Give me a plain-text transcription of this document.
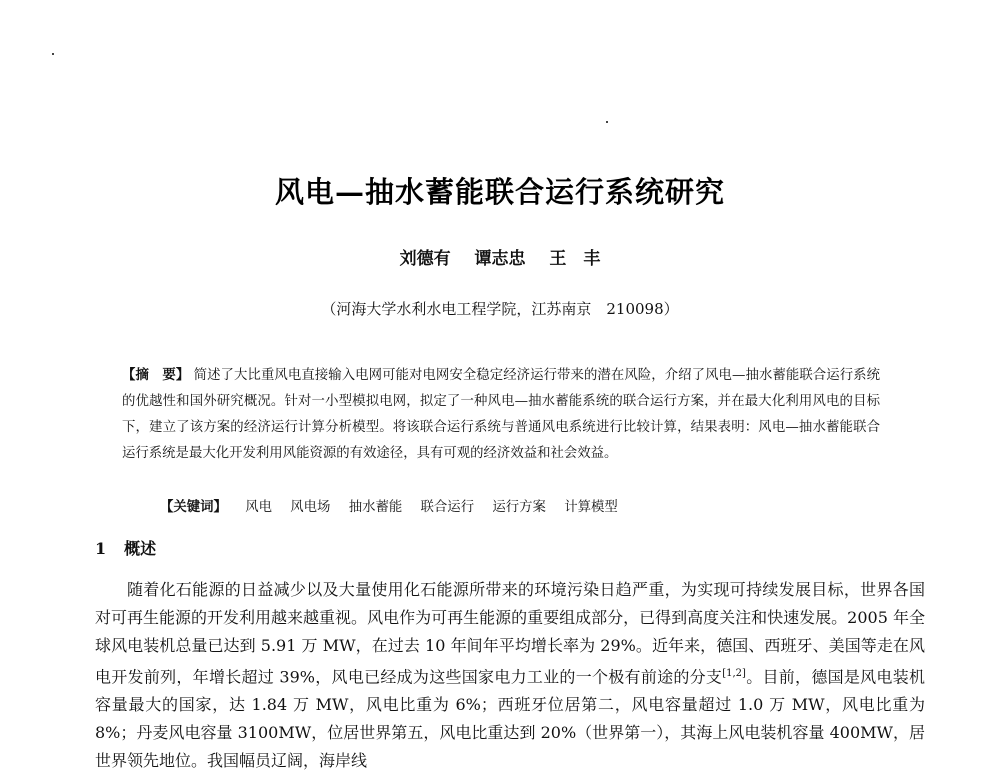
风电—抽水蓄能联合运行系统研究
刘德有 谭志忠 王　丰
（河海大学水利水电工程学院，江苏南京　210098）
【摘　要】 简述了大比重风电直接输入电网可能对电网安全稳定经济运行带来的潜在风险，介绍了风电—抽水蓄能联合运行系统的优越性和国外研究概况。针对一小型模拟电网，拟定了一种风电—抽水蓄能系统的联合运行方案，并在最大化利用风电的目标下，建立了该方案的经济运行计算分析模型。将该联合运行系统与普通风电系统进行比较计算，结果表明：风电—抽水蓄能联合运行系统是最大化开发利用风能资源的有效途径，具有可观的经济效益和社会效益。
【关键词】 风电 风电场 抽水蓄能 联合运行 运行方案 计算模型
1 概述
随着化石能源的日益减少以及大量使用化石能源所带来的环境污染日趋严重，为实现可持续发展目标，世界各国对可再生能源的开发利用越来越重视。风电作为可再生能源的重要组成部分，已得到高度关注和快速发展。2005 年全球风电装机总量已达到 5.91 万 MW，在过去 10 年间年平均增长率为 29%。近年来，德国、西班牙、美国等走在风电开发前列，年增长超过 39%，风电已经成为这些国家电力工业的一个极有前途的分支[1,2]。目前，德国是风电装机容量最大的国家，达 1.84 万 MW，风电比重为 6%；西班牙位居第二，风电容量超过 1.0 万 MW，风电比重为 8%；丹麦风电容量 3100MW，位居世界第五，风电比重达到 20%（世界第一），其海上风电装机容量 400MW，居世界领先地位。我国幅员辽阔，海岸线
